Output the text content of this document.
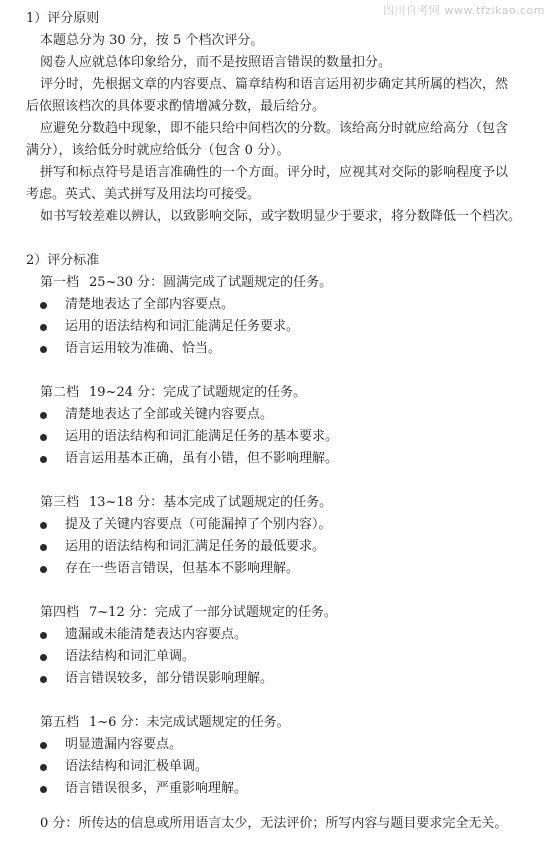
四川自考网 www.tfzikao.com

1）评分原则

本题总分为 30 分，按 5 个档次评分。

阅卷人应就总体印象给分，而不是按照语言错误的数量扣分。

评分时，先根据文章的内容要点、篇章结构和语言运用初步确定其所属的档次，然

后依照该档次的具体要求酌情增减分数，最后给分。

应避免分数趋中现象，即不能只给中间档次的分数。该给高分时就应给高分（包含

满分），该给低分时就应给低分（包含 0 分）。

拼写和标点符号是语言准确性的一个方面。评分时，应视其对交际的影响程度予以

考虑。英式、美式拼写及用法均可接受。

如书写较差难以辨认，以致影响交际，或字数明显少于要求，将分数降低一个档次。

2）评分标准

第一档 25~30 分：圆满完成了试题规定的任务。
清楚地表达了全部内容要点。
运用的语法结构和词汇能满足任务要求。
语言运用较为准确、恰当。
第二档 19~24 分：完成了试题规定的任务。
清楚地表达了全部或关键内容要点。
运用的语法结构和词汇能满足任务的基本要求。
语言运用基本正确，虽有小错，但不影响理解。
第三档 13~18 分：基本完成了试题规定的任务。
提及了关键内容要点（可能漏掉了个别内容）。
运用的语法结构和词汇满足任务的最低要求。
存在一些语言错误，但基本不影响理解。
第四档 7~12 分：完成了一部分试题规定的任务。
遗漏或未能清楚表达内容要点。
语法结构和词汇单调。
语言错误较多，部分错误影响理解。
第五档 1~6 分：未完成试题规定的任务。
明显遗漏内容要点。
语法结构和词汇极单调。
语言错误很多，严重影响理解。

0 分：所传达的信息或所用语言太少，无法评价；所写内容与题目要求完全无关。
